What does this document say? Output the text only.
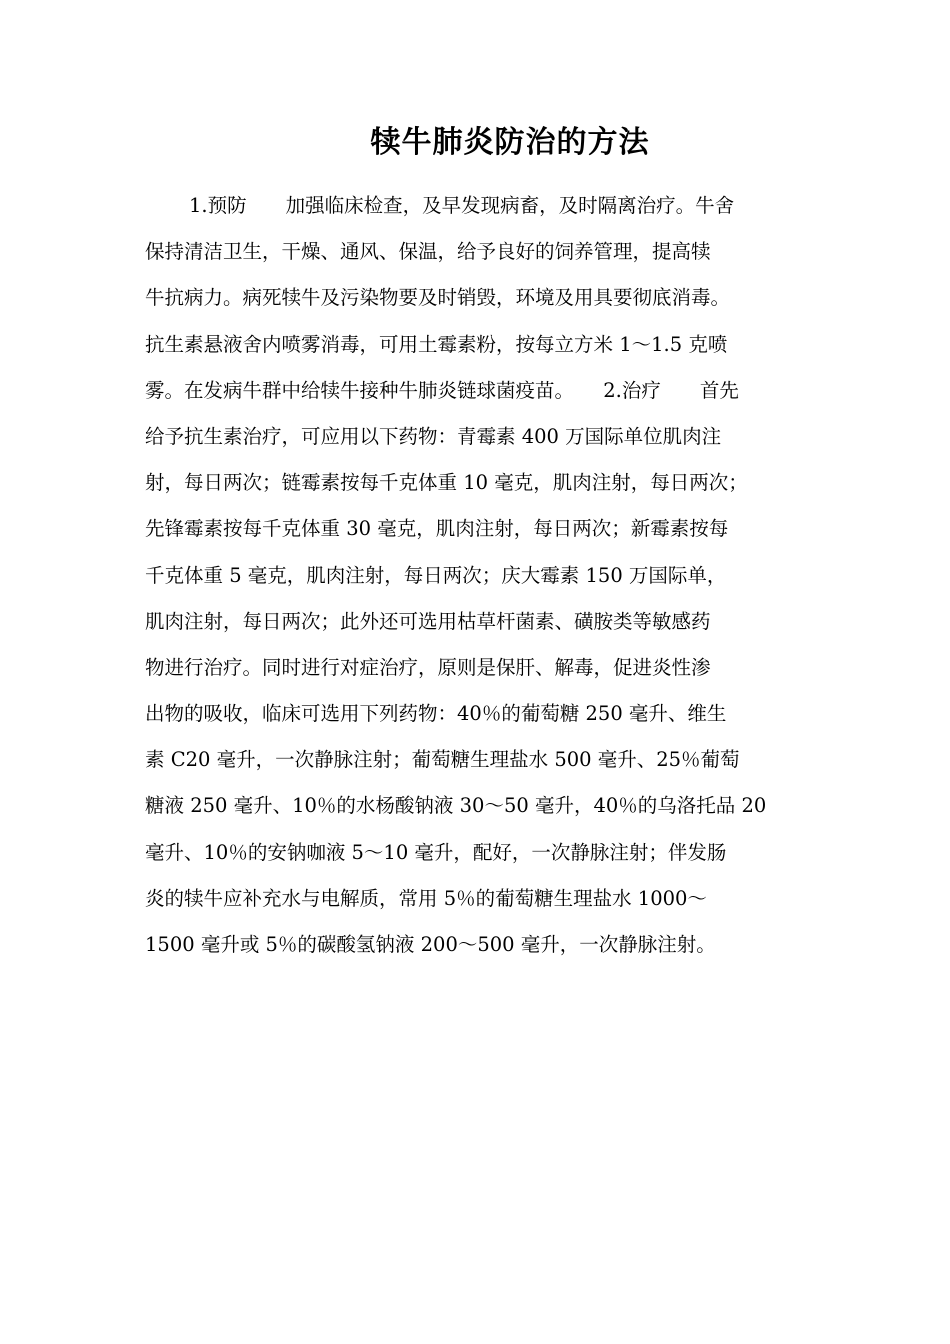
犊牛肺炎防治的方法
1.预防　　加强临床检查，及早发现病畜，及时隔离治疗。牛舍
保持清洁卫生，干燥、通风、保温，给予良好的饲养管理，提高犊
牛抗病力。病死犊牛及污染物要及时销毁，环境及用具要彻底消毒。
抗生素悬液舍内喷雾消毒，可用土霉素粉，按每立方米 1～1.5 克喷
雾。在发病牛群中给犊牛接种牛肺炎链球菌疫苗。　　2.治疗　　首先
给予抗生素治疗，可应用以下药物：青霉素 400 万国际单位肌肉注
射，每日两次；链霉素按每千克体重 10 毫克，肌肉注射，每日两次；
先锋霉素按每千克体重 30 毫克，肌肉注射，每日两次；新霉素按每
千克体重 5 毫克，肌肉注射，每日两次；庆大霉素 150 万国际单，
肌肉注射，每日两次；此外还可选用枯草杆菌素、磺胺类等敏感药
物进行治疗。同时进行对症治疗，原则是保肝、解毒，促进炎性渗
出物的吸收，临床可选用下列药物：40％的葡萄糖 250 毫升、维生
素 C20 毫升，一次静脉注射；葡萄糖生理盐水 500 毫升、25％葡萄
糖液 250 毫升、10％的水杨酸钠液 30～50 毫升，40％的乌洛托品 20
毫升、10％的安钠咖液 5～10 毫升，配好，一次静脉注射；伴发肠
炎的犊牛应补充水与电解质，常用 5％的葡萄糖生理盐水 1000～
1500 毫升或 5％的碳酸氢钠液 200～500 毫升，一次静脉注射。
